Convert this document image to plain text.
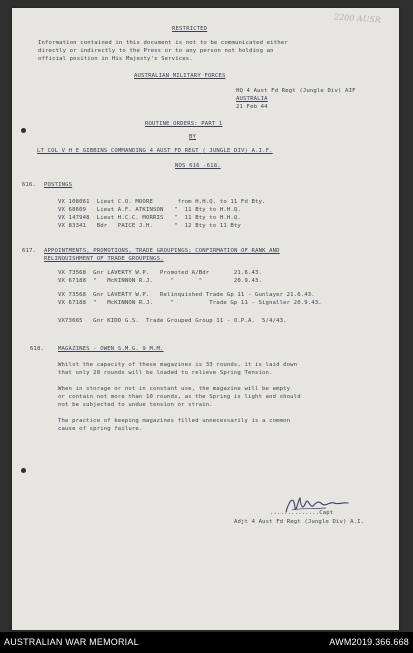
2200 AUSR
RESTRICTED
Information contained in this document is not to be communicated either
directly or indirectly to the Press or to any person not holding an
official position in His Majesty's Services.
AUSTRALIAN MILITARY FORCES
HQ 4 Aust Fd Regt (Jungle Div) AIF
AUSTRALIA
21 Feb 44
ROUTINE ORDERS: PART 1
BY
LT COL V H E GIBBINS COMMANDING 4 AUST FD REGT ( JUNGLE DIV) A.I.F.
NOS 616 -618.
616. POSTINGS
VX 108061  Lieut C.O. MOORE       from H.H.Q. to 11 Fd Bty.
VX 68609   Lieut A.F. ATKINSON   "  11 Bty to H.H.Q.
VX 147948  Lieut H.C.C. MORRIS   "  11 Bty to H.H.Q.
VX 83341   Bdr   PAICE J.H.      "  12 Bty to 11 Bty
617. APPOINTMENTS, PROMOTIONS, TRADE GROUPINGS; CONFIRMATION OF RANK AND
RELINQUISHMENT OF TRADE GROUPINGS.
VX 73568  Gnr LAVERTY W.P.   Promoted A/Bdr       21.6.43.
VX 67188  "   McKINNON R.J.     "       "         20.9.43.
VX 73568  Gnr LAVERTY W.P.   Relinquished Trade Gp 11 - Gunlayer 21.6.43.
VX 67188  "   McKINNON R.J.     "          Trade Gp 11 - Signaller 20.9.43.
VX73665   Gnr KIDD G.S.  Trade Grouped Group 11 - O.P.A.  5/4/43.
618. MAGAZINES - OWEN S.M.G. 9 M.M.
Whilst the capacity of these magazines is 33 rounds, it is laid down
that only 28 rounds will be loaded to relieve Spring Tension.
When in storage or not in constant use, the magazine will be empty
or contain not more than 10 rounds, as the Spring is light and should
not be subjected to undue tension or strain.
The practice of keeping magazines filled unnecessarily is a common
cause of spring failure.
..............Capt
Adjt 4 Aust Fd Regt (Jungle Div) A.I.
AUSTRALIAN WAR MEMORIAL	AWM2019.366.668
